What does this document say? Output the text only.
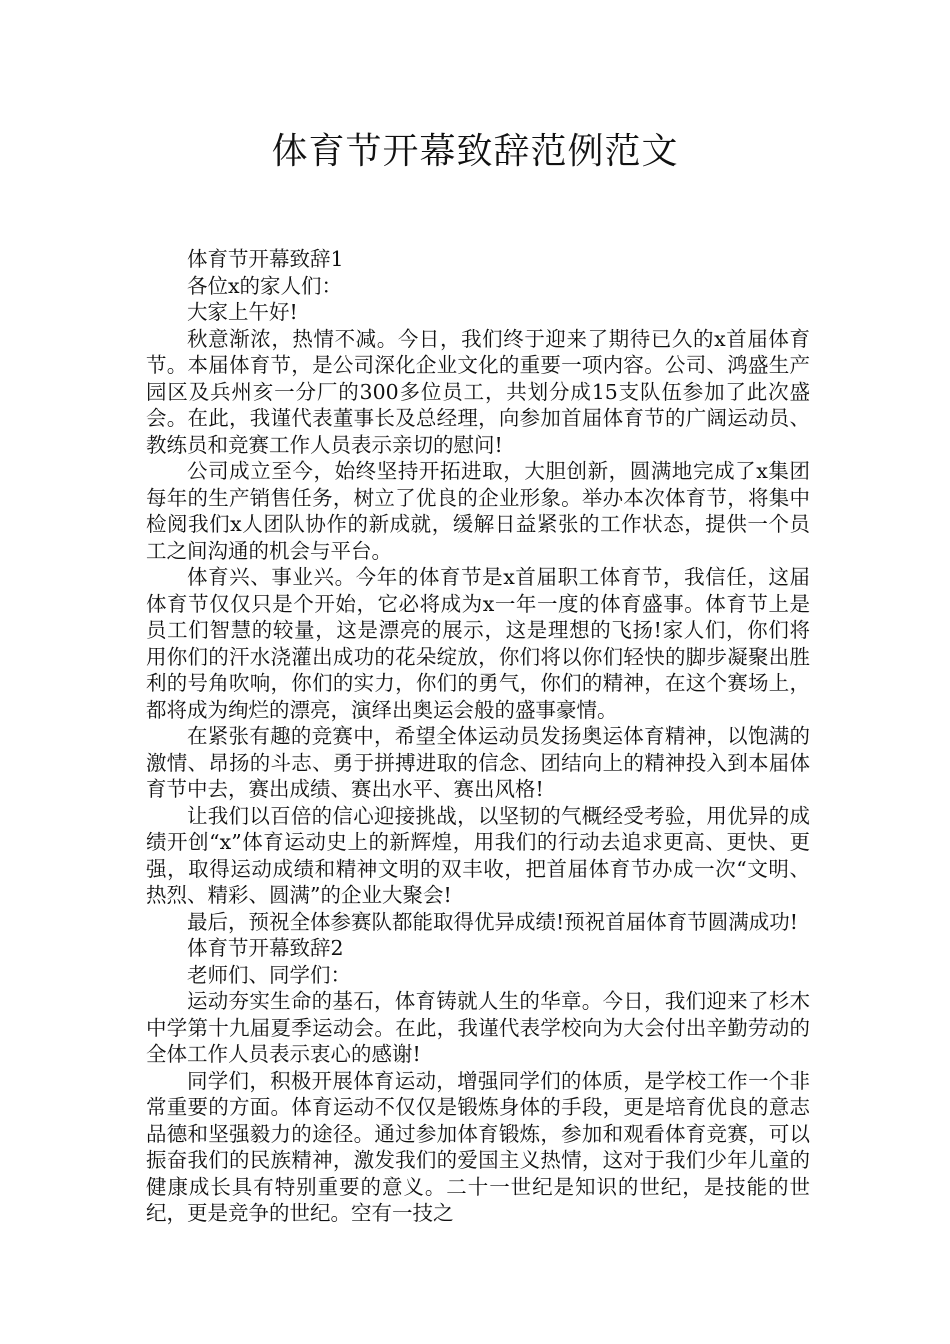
体育节开幕致辞范例范文

体育节开幕致辞1

各位x的家人们：

大家上午好!

秋意渐浓，热情不减。今日，我们终于迎来了期待已久的x首届体育节。本届体育节，是公司深化企业文化的重要一项内容。公司、鸿盛生产园区及兵州亥一分厂的300多位员工，共划分成15支队伍参加了此次盛会。在此，我谨代表董事长及总经理，向参加首届体育节的广阔运动员、教练员和竞赛工作人员表示亲切的慰问!

公司成立至今，始终坚持开拓进取，大胆创新，圆满地完成了x集团每年的生产销售任务，树立了优良的企业形象。举办本次体育节，将集中检阅我们x人团队协作的新成就，缓解日益紧张的工作状态，提供一个员工之间沟通的机会与平台。

体育兴、事业兴。今年的体育节是x首届职工体育节，我信任，这届体育节仅仅只是个开始，它必将成为x一年一度的体育盛事。体育节上是员工们智慧的较量，这是漂亮的展示，这是理想的飞扬!家人们，你们将用你们的汗水浇灌出成功的花朵绽放，你们将以你们轻快的脚步凝聚出胜利的号角吹响，你们的实力，你们的勇气，你们的精神，在这个赛场上，都将成为绚烂的漂亮，演绎出奥运会般的盛事豪情。

在紧张有趣的竞赛中，希望全体运动员发扬奥运体育精神，以饱满的激情、昂扬的斗志、勇于拼搏进取的信念、团结向上的精神投入到本届体育节中去，赛出成绩、赛出水平、赛出风格!

让我们以百倍的信心迎接挑战，以坚韧的气概经受考验，用优异的成绩开创“x”体育运动史上的新辉煌，用我们的行动去追求更高、更快、更强，取得运动成绩和精神文明的双丰收，把首届体育节办成一次“文明、热烈、精彩、圆满”的企业大聚会!

最后，预祝全体参赛队都能取得优异成绩!预祝首届体育节圆满成功!

体育节开幕致辞2

老师们、同学们：

运动夯实生命的基石，体育铸就人生的华章。今日，我们迎来了杉木中学第十九届夏季运动会。在此，我谨代表学校向为大会付出辛勤劳动的全体工作人员表示衷心的感谢!

同学们，积极开展体育运动，增强同学们的体质，是学校工作一个非常重要的方面。体育运动不仅仅是锻炼身体的手段，更是培育优良的意志品德和坚强毅力的途径。通过参加体育锻炼，参加和观看体育竞赛，可以振奋我们的民族精神，激发我们的爱国主义热情，这对于我们少年儿童的健康成长具有特别重要的意义。二十一世纪是知识的世纪，是技能的世纪，更是竞争的世纪。空有一技之
